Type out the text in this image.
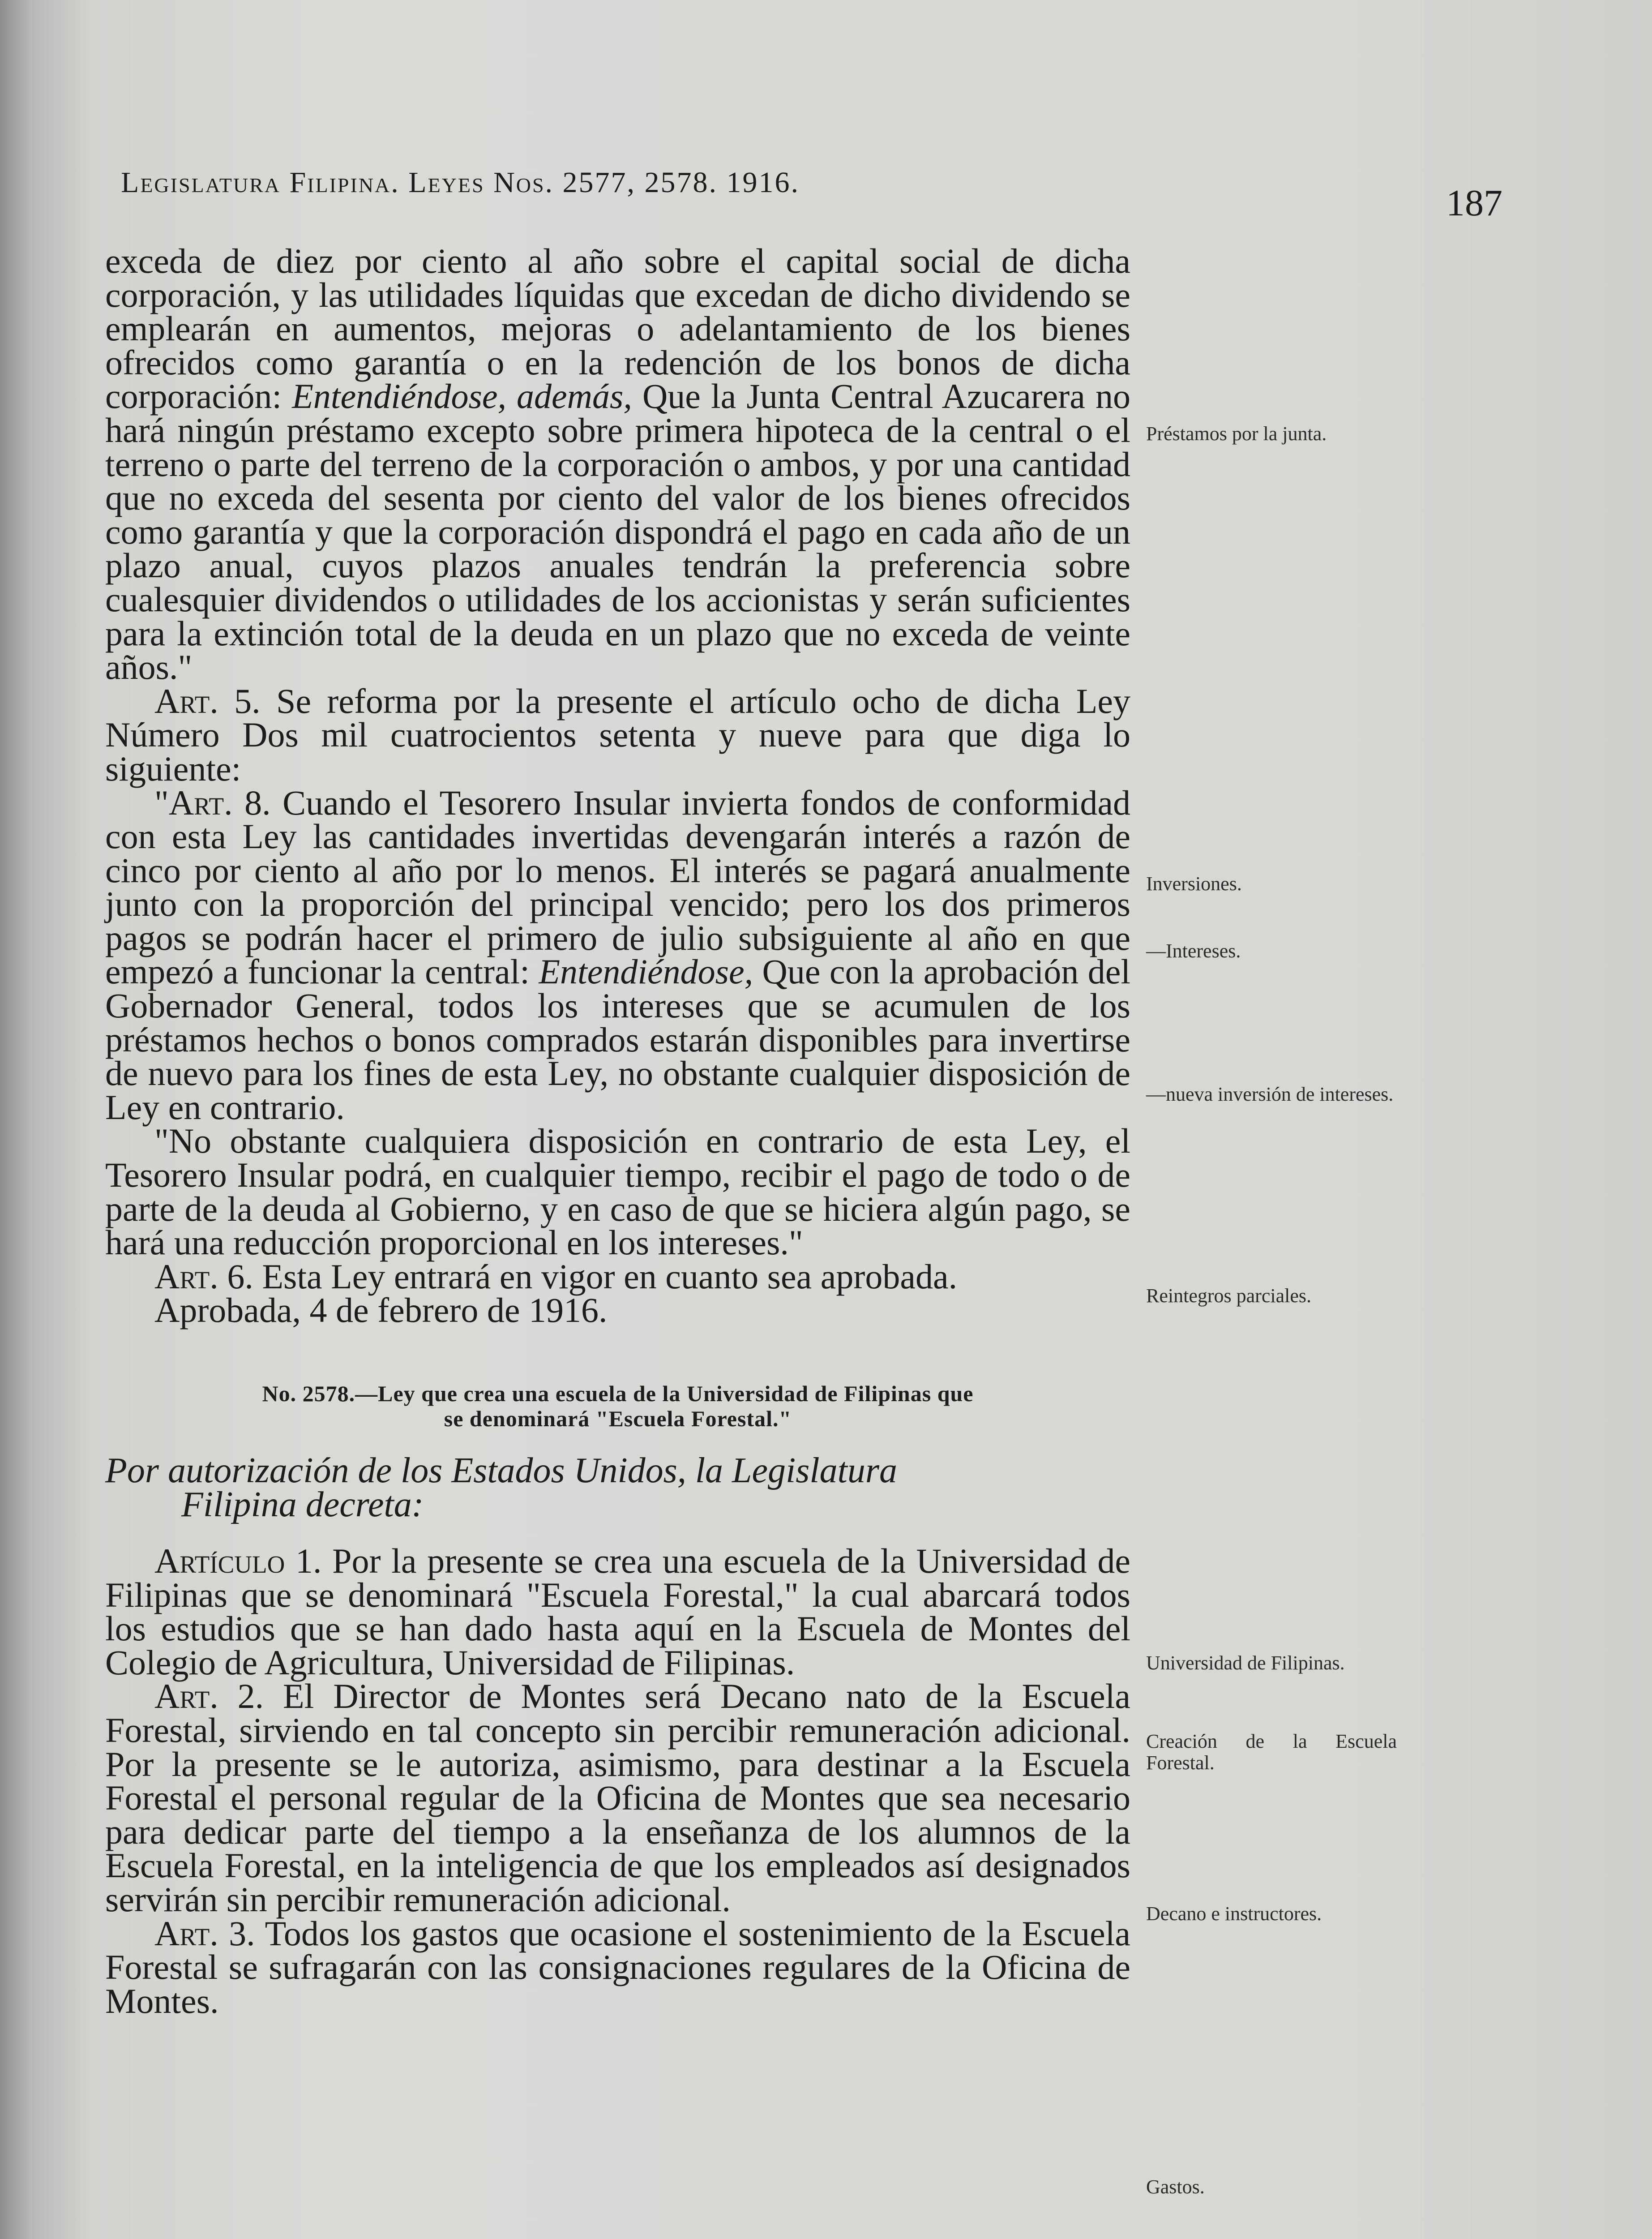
Legislatura Filipina. Leyes Nos. 2577, 2578. 1916.	187

exceda de diez por ciento al año sobre el capital social de dicha corporación, y las utilidades líquidas que excedan de dicho dividendo se emplearán en aumentos, mejoras o adelantamiento de los bienes ofrecidos como garantía o en la redención de los bonos de dicha corporación: Entendiéndose, además, Que la Junta Central Azucarera no hará ningún préstamo excepto sobre primera hipoteca de la central o el terreno o parte del terreno de la corporación o ambos, y por una cantidad que no exceda del sesenta por ciento del valor de los bienes ofrecidos como garantía y que la corporación dispondrá el pago en cada año de un plazo anual, cuyos plazos anuales tendrán la preferencia sobre cualesquier dividendos o utilidades de los accionistas y serán suficientes para la extinción total de la deuda en un plazo que no exceda de veinte años."

Art. 5. Se reforma por la presente el artículo ocho de dicha Ley Número Dos mil cuatrocientos setenta y nueve para que diga lo siguiente:

"Art. 8. Cuando el Tesorero Insular invierta fondos de conformidad con esta Ley las cantidades invertidas devengarán interés a razón de cinco por ciento al año por lo menos. El interés se pagará anualmente junto con la proporción del principal vencido; pero los dos primeros pagos se podrán hacer el primero de julio subsiguiente al año en que empezó a funcionar la central: Entendiéndose, Que con la aprobación del Gobernador General, todos los intereses que se acumulen de los préstamos hechos o bonos comprados estarán disponibles para invertirse de nuevo para los fines de esta Ley, no obstante cualquier disposición de Ley en contrario.

"No obstante cualquiera disposición en contrario de esta Ley, el Tesorero Insular podrá, en cualquier tiempo, recibir el pago de todo o de parte de la deuda al Gobierno, y en caso de que se hiciera algún pago, se hará una reducción proporcional en los intereses."

Art. 6. Esta Ley entrará en vigor en cuanto sea aprobada.

Aprobada, 4 de febrero de 1916.

No. 2578.—Ley que crea una escuela de la Universidad de Filipinas que
se denominará "Escuela Forestal."
Por autorización de los Estados Unidos, la Legislatura
Filipina decreta:

Artículo 1. Por la presente se crea una escuela de la Universidad de Filipinas que se denominará "Escuela Forestal," la cual abarcará todos los estudios que se han dado hasta aquí en la Escuela de Montes del Colegio de Agricultura, Universidad de Filipinas.

Art. 2. El Director de Montes será Decano nato de la Escuela Forestal, sirviendo en tal concepto sin percibir remuneración adicional. Por la presente se le autoriza, asimismo, para destinar a la Escuela Forestal el personal regular de la Oficina de Montes que sea necesario para dedicar parte del tiempo a la enseñanza de los alumnos de la Escuela Forestal, en la inteligencia de que los empleados así designados servirán sin percibir remuneración adicional.

Art. 3. Todos los gastos que ocasione el sostenimiento de la Escuela Forestal se sufragarán con las consignaciones regulares de la Oficina de Montes.

Préstamos por la junta.
Inversiones.
—Intereses.
—nueva inversión de intereses.
Reintegros parciales.
Universidad de Filipinas.
Creación de la Escuela Forestal.
Decano e instructores.
Gastos.
